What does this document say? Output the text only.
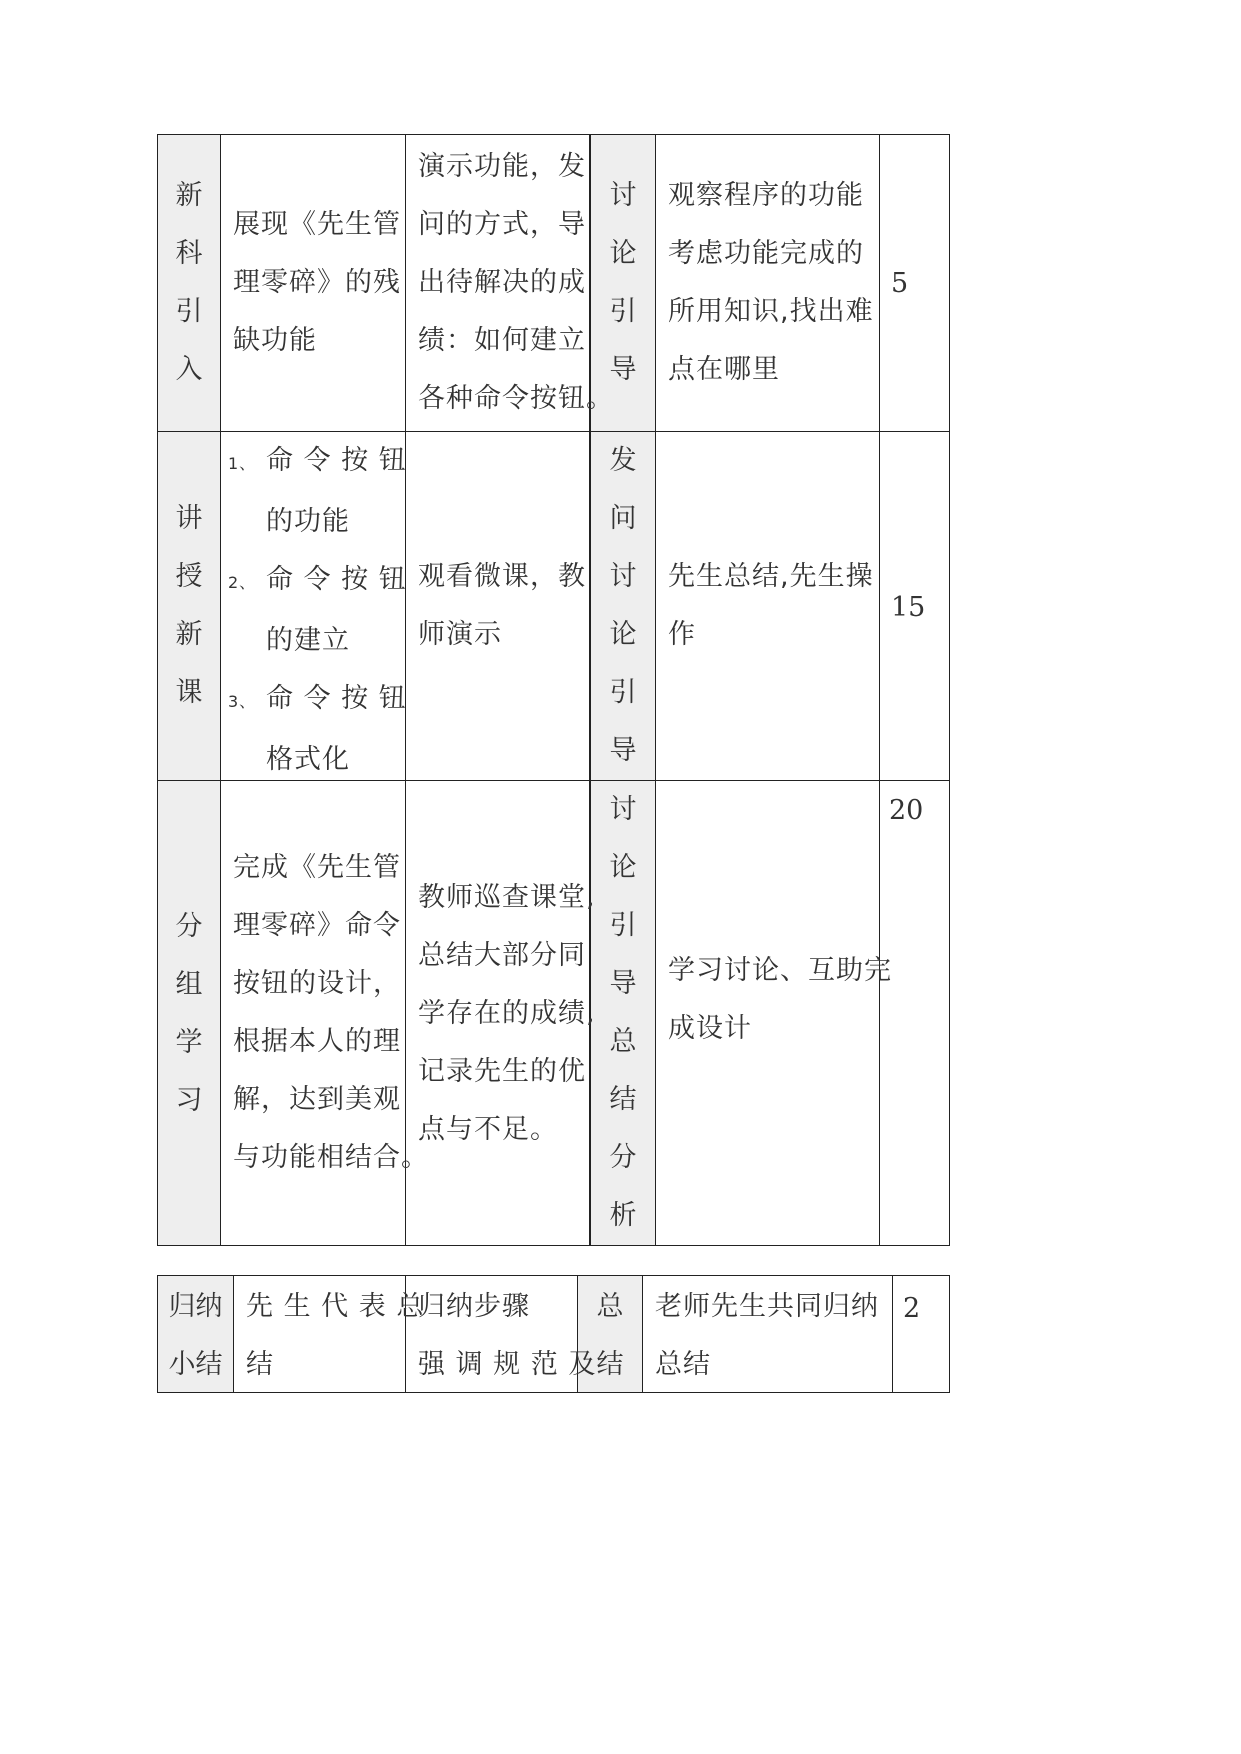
新
科
引
入
展现《先生管
理零碎》的残
缺功能
演示功能，发
问的方式，导
出待解决的成
绩：如何建立
各种命令按钮。
讨
论
引
导
观察程序的功能
考虑功能完成的
所用知识,找出难
点在哪里
5
讲
授
新
课
1、 命 令 按 钮
的功能
2、 命 令 按 钮
的建立
3、 命 令 按 钮
格式化
观看微课，教
师演示
发
问
讨
论
引
导
先生总结,先生操
作
15
分
组
学
习
完成《先生管
理零碎》命令
按钮的设计，
根据本人的理
解，达到美观
与功能相结合。
教师巡查课堂,
总结大部分同
学存在的成绩,
记录先生的优
点与不足。
讨
论
引
导
总
结
分
析
学习讨论、互助完
成设计
20
归纳
小结
先 生 代 表 总
结
归纳步骤
强 调 规 范 及
总
结
老师先生共同归纳
总结
2
